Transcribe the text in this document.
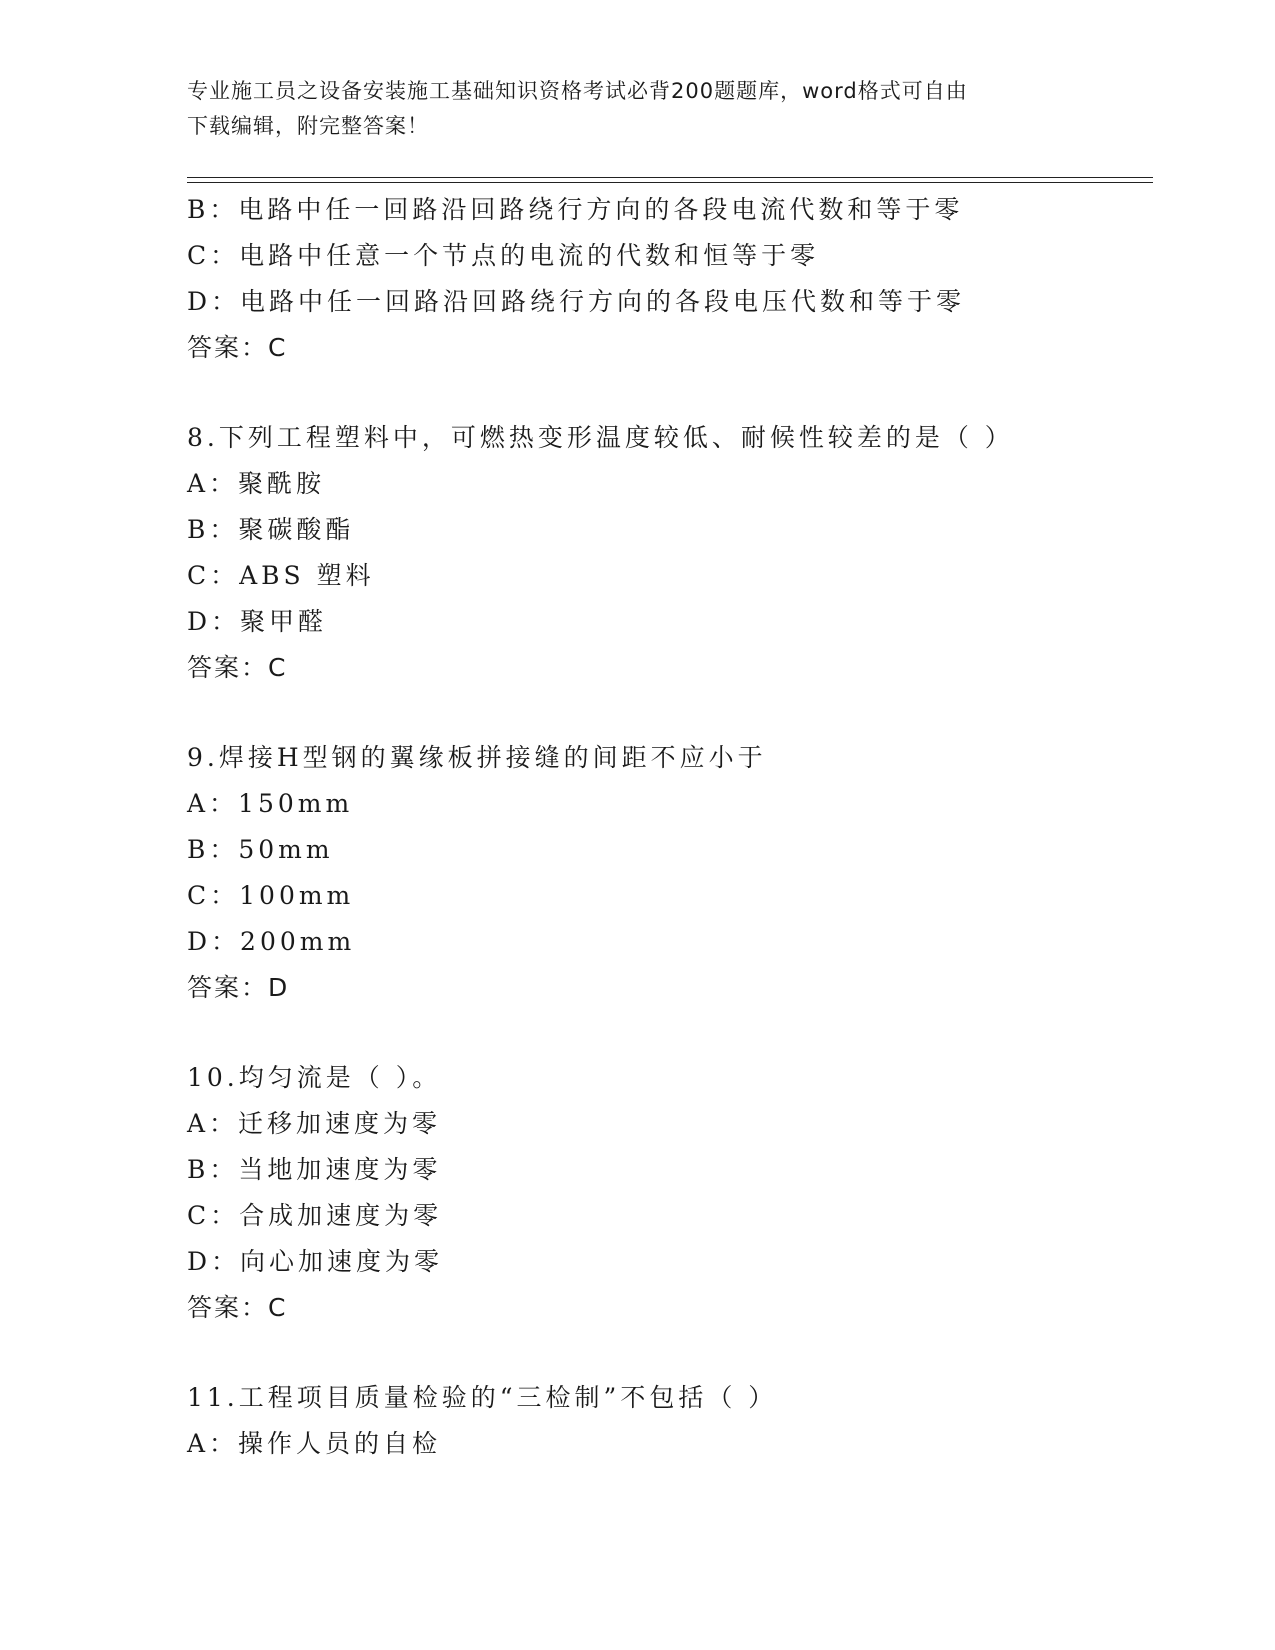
专业施工员之设备安装施工基础知识资格考试必背200题题库，word格式可自由
下载编辑，附完整答案！
B：电路中任一回路沿回路绕行方向的各段电流代数和等于零
C：电路中任意一个节点的电流的代数和恒等于零
D：电路中任一回路沿回路绕行方向的各段电压代数和等于零
答案：C
8.下列工程塑料中，可燃热变形温度较低、耐候性较差的是（ ）
A：聚酰胺
B：聚碳酸酯
C：ABS 塑料
D：聚甲醛
答案：C
9.焊接H型钢的翼缘板拼接缝的间距不应小于
A：150mm
B：50mm
C：100mm
D：200mm
答案：D
10.均匀流是（ ）。
A：迁移加速度为零
B：当地加速度为零
C：合成加速度为零
D：向心加速度为零
答案：C
11.工程项目质量检验的“三检制”不包括（ ）
A：操作人员的自检
